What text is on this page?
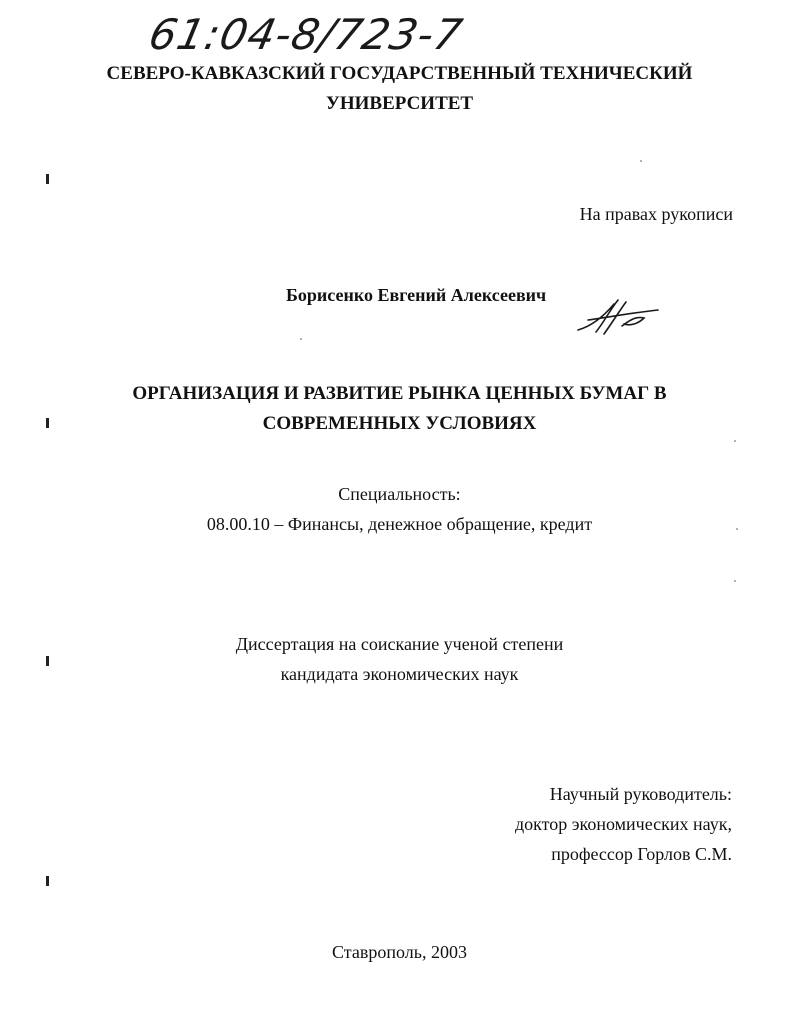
61:04-8/723-7
СЕВЕРО-КАВКАЗСКИЙ ГОСУДАРСТВЕННЫЙ ТЕХНИЧЕСКИЙ
УНИВЕРСИТЕТ
На правах рукописи
Борисенко Евгений Алексеевич
ОРГАНИЗАЦИЯ И РАЗВИТИЕ РЫНКА ЦЕННЫХ БУМАГ В
СОВРЕМЕННЫХ УСЛОВИЯХ
Специальность:
08.00.10 – Финансы, денежное обращение, кредит
Диссертация на соискание ученой степени
кандидата экономических наук
Научный руководитель:
доктор экономических наук,
профессор Горлов С.М.
Ставрополь, 2003
